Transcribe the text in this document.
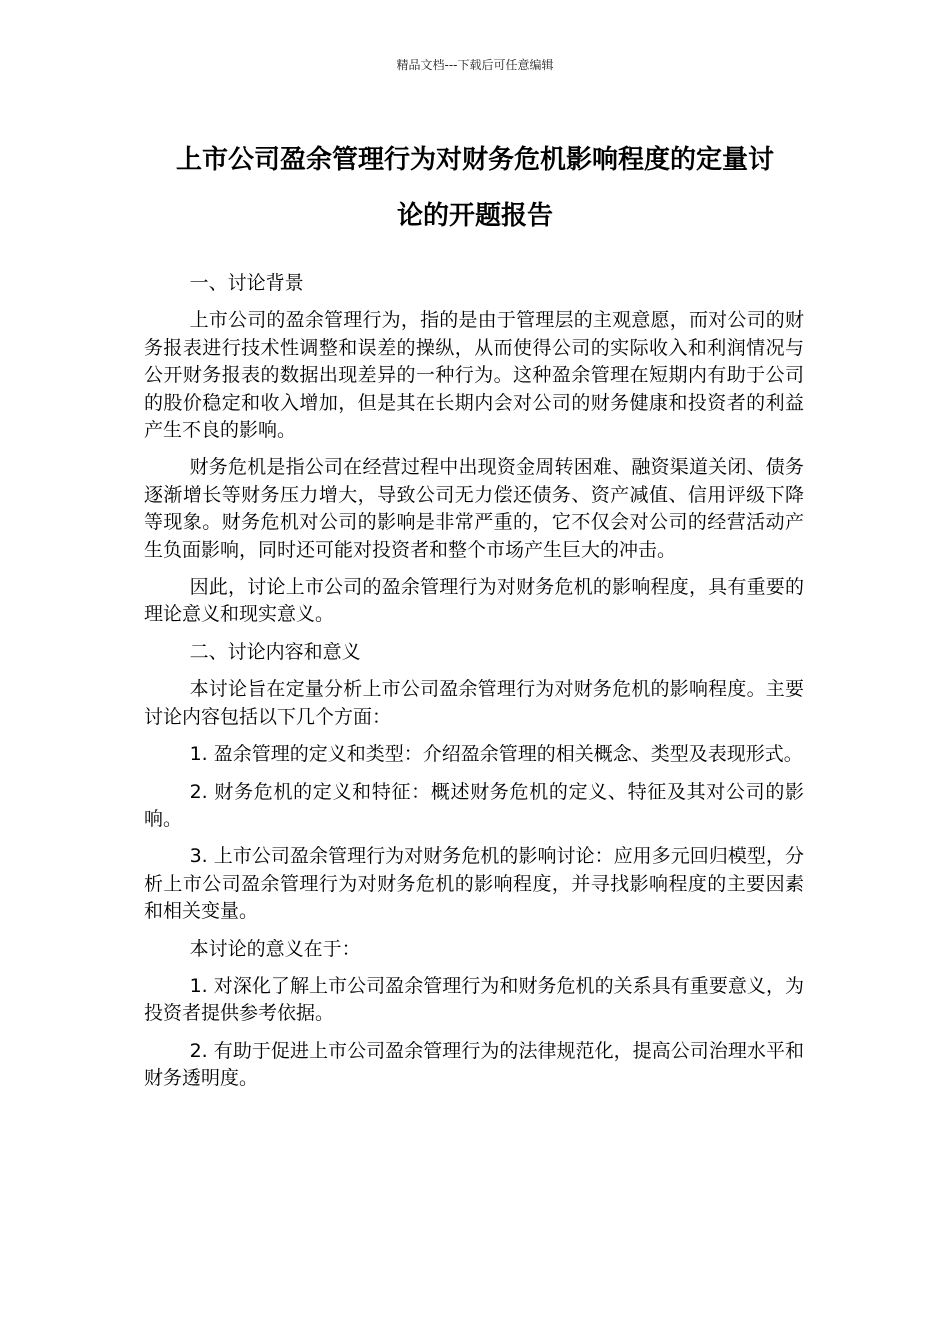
精品文档---下载后可任意编辑
上市公司盈余管理行为对财务危机影响程度的定量讨
论的开题报告

一、讨论背景

上市公司的盈余管理行为，指的是由于管理层的主观意愿，而对公司的财务报表进行技术性调整和误差的操纵，从而使得公司的实际收入和利润情况与公开财务报表的数据出现差异的一种行为。这种盈余管理在短期内有助于公司的股价稳定和收入增加，但是其在长期内会对公司的财务健康和投资者的利益产生不良的影响。

财务危机是指公司在经营过程中出现资金周转困难、融资渠道关闭、债务逐渐增长等财务压力增大，导致公司无力偿还债务、资产减值、信用评级下降等现象。财务危机对公司的影响是非常严重的，它不仅会对公司的经营活动产生负面影响，同时还可能对投资者和整个市场产生巨大的冲击。

因此，讨论上市公司的盈余管理行为对财务危机的影响程度，具有重要的理论意义和现实意义。

二、讨论内容和意义

本讨论旨在定量分析上市公司盈余管理行为对财务危机的影响程度。主要讨论内容包括以下几个方面：

1. 盈余管理的定义和类型：介绍盈余管理的相关概念、类型及表现形式。

2. 财务危机的定义和特征：概述财务危机的定义、特征及其对公司的影响。

3. 上市公司盈余管理行为对财务危机的影响讨论：应用多元回归模型，分析上市公司盈余管理行为对财务危机的影响程度，并寻找影响程度的主要因素和相关变量。

本讨论的意义在于：

1. 对深化了解上市公司盈余管理行为和财务危机的关系具有重要意义，为投资者提供参考依据。

2. 有助于促进上市公司盈余管理行为的法律规范化，提高公司治理水平和财务透明度。
